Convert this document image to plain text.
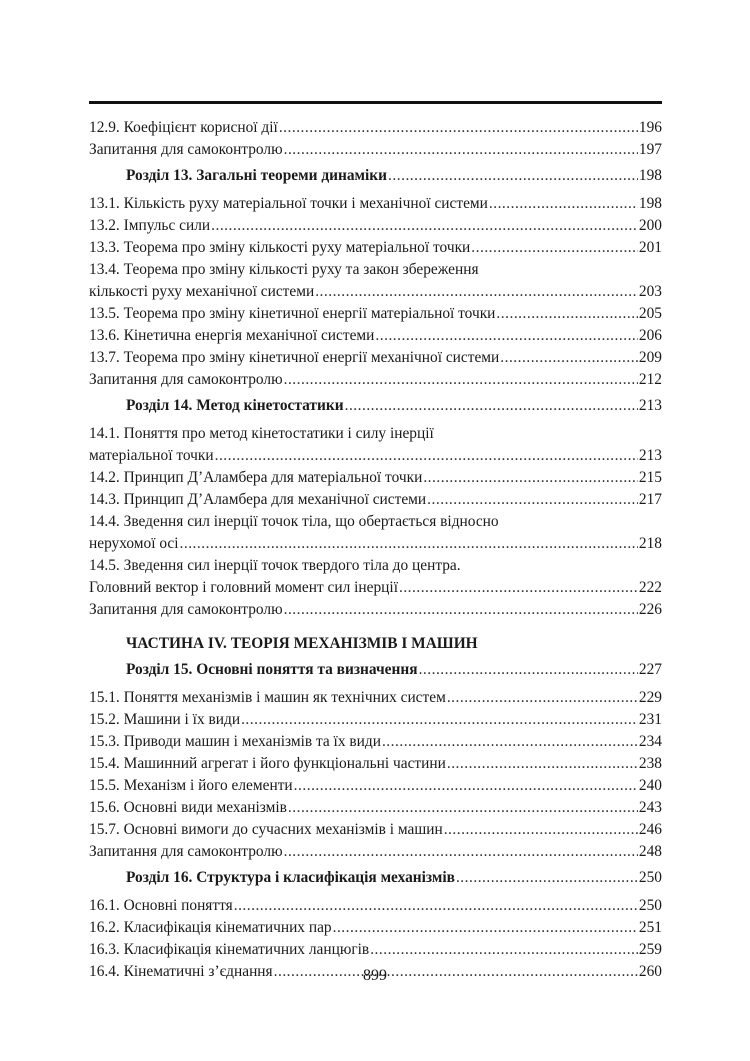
12.9. Коефіцієнт корисної дії .....	196
Запитання для самоконтролю .....	197
Розділ 13. Загальні теореми динаміки .....	198
13.1. Кількість руху матеріальної точки і механічної системи .....	198
13.2. Імпульс сили .....	200
13.3. Теорема про зміну кількості руху матеріальної точки .....	201
13.4. Теорема про зміну кількості руху та закон збереження
кількості руху механічної системи .....	203
13.5. Теорема про зміну кінетичної енергії матеріальної точки .....	205
13.6. Кінетична енергія механічної системи .....	206
13.7. Теорема про зміну кінетичної енергії механічної системи .....	209
Запитання для самоконтролю .....	212
Розділ 14. Метод кінетостатики .....	213
14.1. Поняття про метод кінетостатики і силу інерції
матеріальної точки .....	213
14.2. Принцип Д’Аламбера для матеріальної точки .....	215
14.3. Принцип Д’Аламбера для механічної системи .....	217
14.4. Зведення сил інерції точок тіла, що обертається відносно
нерухомої осі .....	218
14.5. Зведення сил інерції точок твердого тіла до центра.
Головний вектор і головний момент сил інерції .....	222
Запитання для самоконтролю .....	226
ЧАСТИНА IV. ТЕОРІЯ МЕХАНІЗМІВ І МАШИН
Розділ 15. Основні поняття та визначення .....	227
15.1. Поняття механізмів і машин як технічних систем .....	229
15.2. Машини і їх види .....	231
15.3. Приводи машин і механізмів та їх види .....	234
15.4. Машинний агрегат і його функціональні частини .....	238
15.5. Механізм і його елементи .....	240
15.6. Основні види механізмів .....	243
15.7. Основні вимоги до сучасних механізмів і машин .....	246
Запитання для самоконтролю .....	248
Розділ 16. Структура і класифікація механізмів .....	250
16.1. Основні поняття .....	250
16.2. Класифікація кінематичних пар .....	251
16.3. Класифікація кінематичних ланцюгів .....	259
16.4. Кінематичні з’єднання .....	260
899
